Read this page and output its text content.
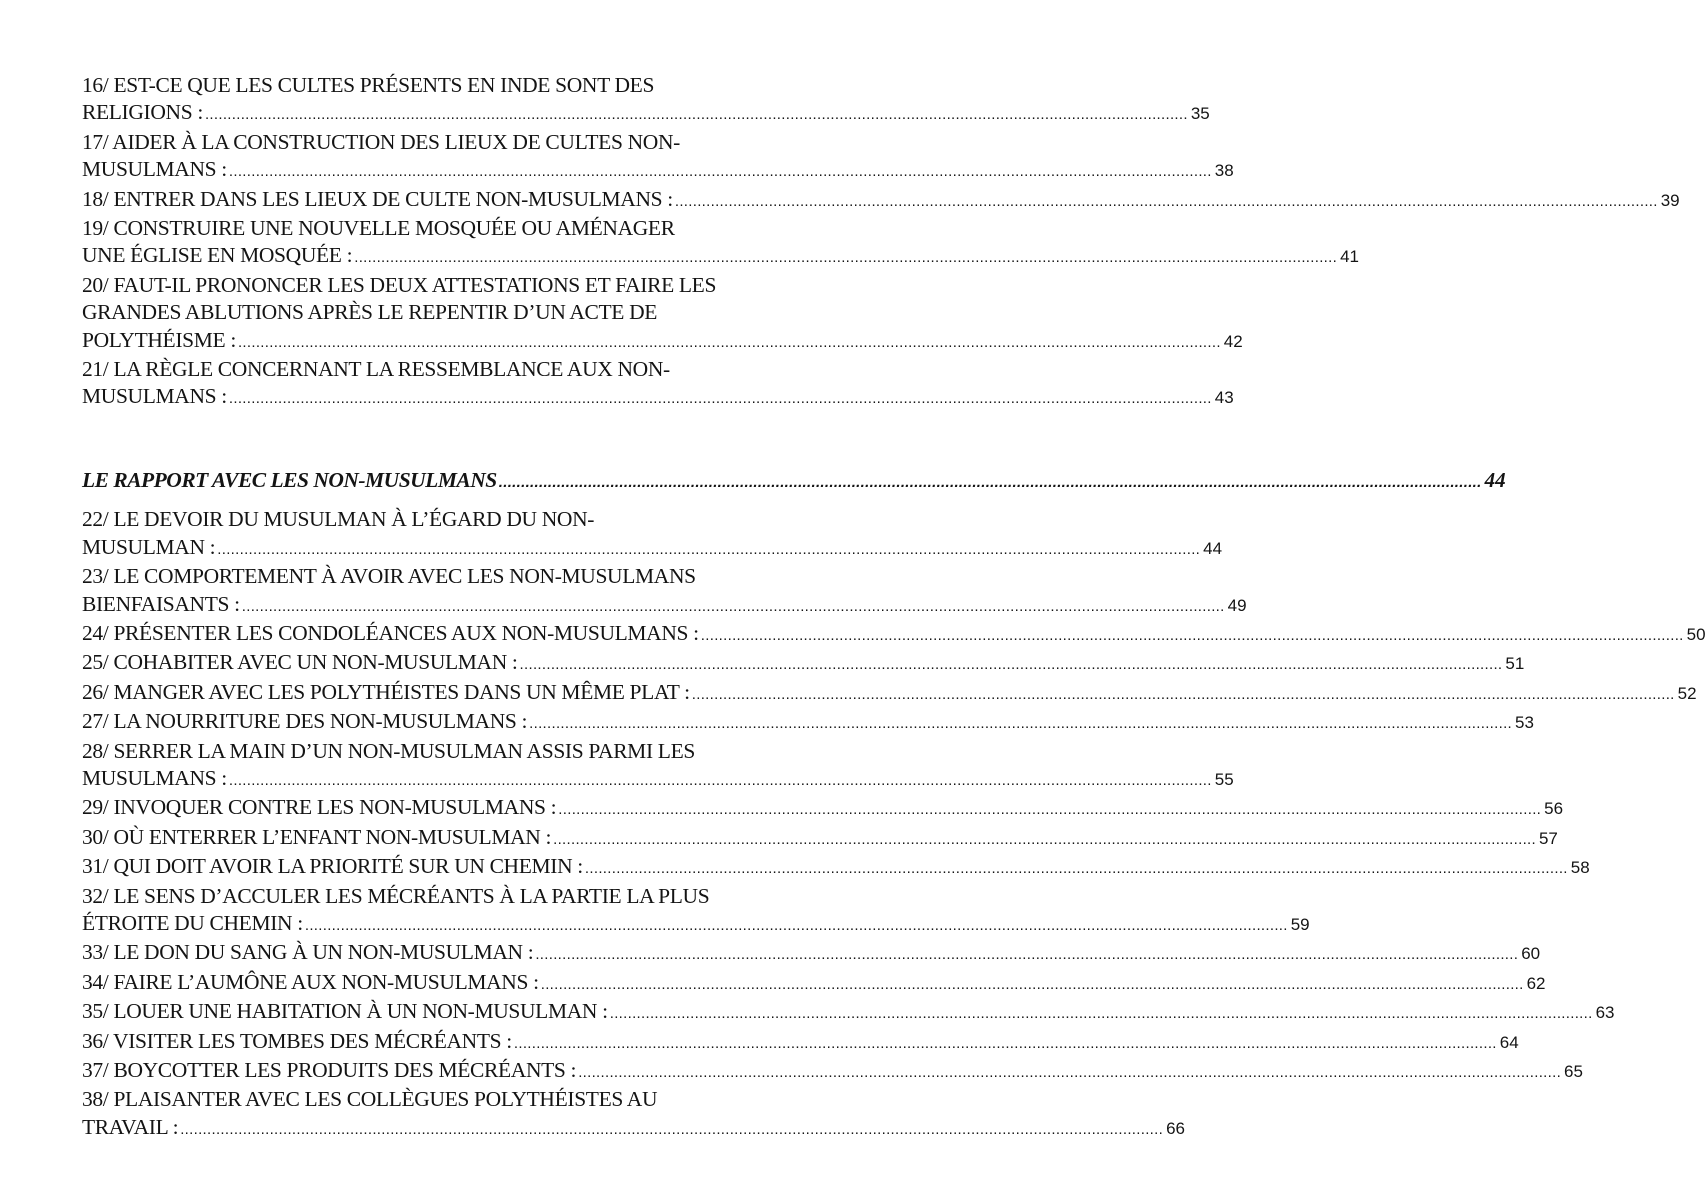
16/ EST-CE QUE LES CULTES PRÉSENTS EN INDE SONT DES
RELIGIONS : ............................................................................................................................................................................................................................ 35
17/ AIDER À LA CONSTRUCTION DES LIEUX DE CULTES NON-
MUSULMANS : ............................................................................................................................................................................................................................ 38
18/ ENTRER DANS LES LIEUX DE CULTE NON-MUSULMANS : ............................................................................................................................................................................................................................ 39
19/ CONSTRUIRE UNE NOUVELLE MOSQUÉE OU AMÉNAGER
UNE ÉGLISE EN MOSQUÉE : ............................................................................................................................................................................................................................ 41
20/ FAUT-IL PRONONCER LES DEUX ATTESTATIONS ET FAIRE LES
GRANDES ABLUTIONS APRÈS LE REPENTIR D’UN ACTE DE
POLYTHÉISME : ............................................................................................................................................................................................................................ 42
21/ LA RÈGLE CONCERNANT LA RESSEMBLANCE AUX NON-
MUSULMANS : ............................................................................................................................................................................................................................ 43
LE RAPPORT AVEC LES NON-MUSULMANS ............................................................................................................................................................................................................................ 44
22/ LE DEVOIR DU MUSULMAN À L’ÉGARD DU NON-
MUSULMAN : ............................................................................................................................................................................................................................ 44
23/ LE COMPORTEMENT À AVOIR AVEC LES NON-MUSULMANS
BIENFAISANTS : ............................................................................................................................................................................................................................ 49
24/ PRÉSENTER LES CONDOLÉANCES AUX NON-MUSULMANS : ............................................................................................................................................................................................................................ 50
25/ COHABITER AVEC UN NON-MUSULMAN : ............................................................................................................................................................................................................................ 51
26/ MANGER AVEC LES POLYTHÉISTES DANS UN MÊME PLAT : ............................................................................................................................................................................................................................ 52
27/ LA NOURRITURE DES NON-MUSULMANS : ............................................................................................................................................................................................................................ 53
28/ SERRER LA MAIN D’UN NON-MUSULMAN ASSIS PARMI LES
MUSULMANS : ............................................................................................................................................................................................................................ 55
29/ INVOQUER CONTRE LES NON-MUSULMANS : ............................................................................................................................................................................................................................ 56
30/ OÙ ENTERRER L’ENFANT NON-MUSULMAN : ............................................................................................................................................................................................................................ 57
31/ QUI DOIT AVOIR LA PRIORITÉ SUR UN CHEMIN : ............................................................................................................................................................................................................................ 58
32/ LE SENS D’ACCULER LES MÉCRÉANTS À LA PARTIE LA PLUS
ÉTROITE DU CHEMIN : ............................................................................................................................................................................................................................ 59
33/ LE DON DU SANG À UN NON-MUSULMAN : ............................................................................................................................................................................................................................ 60
34/ FAIRE L’AUMÔNE AUX NON-MUSULMANS : ............................................................................................................................................................................................................................ 62
35/ LOUER UNE HABITATION À UN NON-MUSULMAN : ............................................................................................................................................................................................................................ 63
36/ VISITER LES TOMBES DES MÉCRÉANTS : ............................................................................................................................................................................................................................ 64
37/ BOYCOTTER LES PRODUITS DES MÉCRÉANTS : ............................................................................................................................................................................................................................ 65
38/ PLAISANTER AVEC LES COLLÈGUES POLYTHÉISTES AU
TRAVAIL : ............................................................................................................................................................................................................................ 66
